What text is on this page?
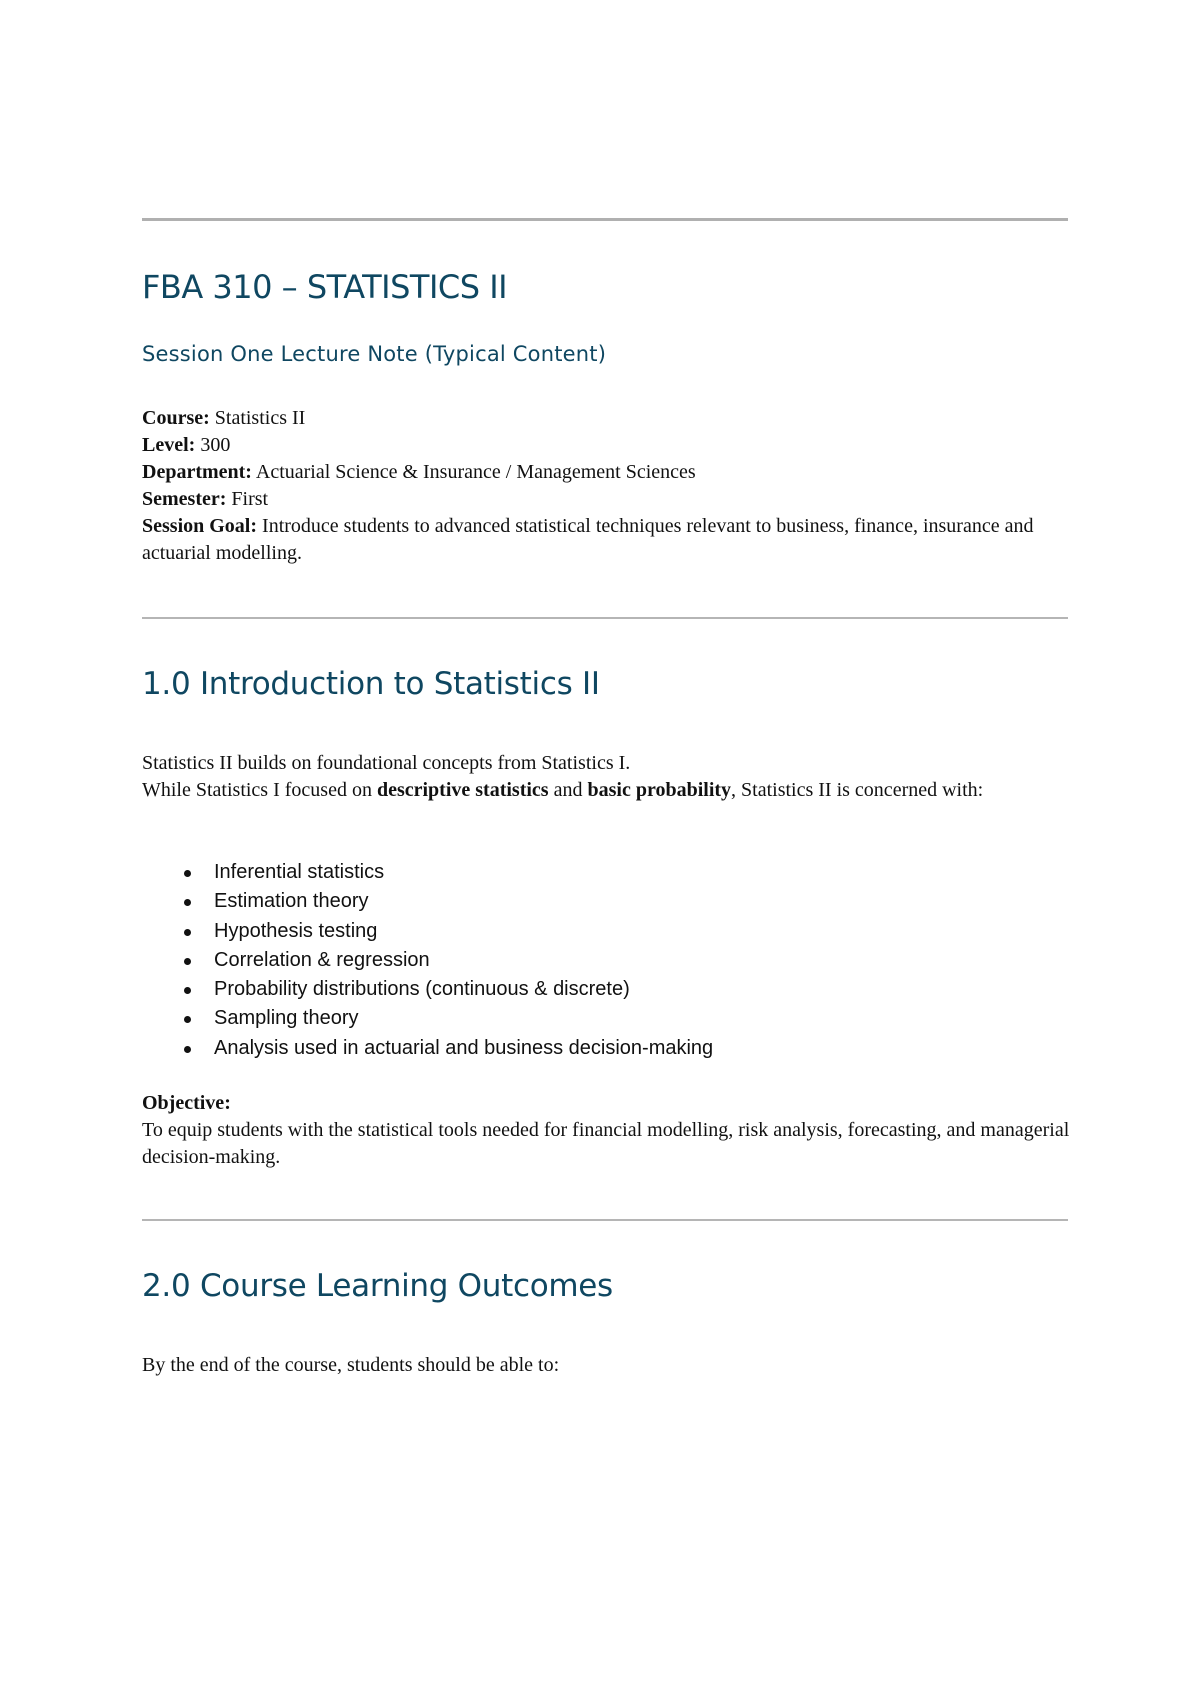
FBA 310 – STATISTICS II
Session One Lecture Note (Typical Content)
Course: Statistics II
Level: 300
Department: Actuarial Science & Insurance / Management Sciences
Semester: First
Session Goal: Introduce students to advanced statistical techniques relevant to business, finance, insurance and actuarial modelling.
1.0 Introduction to Statistics II
Statistics II builds on foundational concepts from Statistics I.
While Statistics I focused on descriptive statistics and basic probability, Statistics II is concerned with:
Inferential statistics
Estimation theory
Hypothesis testing
Correlation & regression
Probability distributions (continuous & discrete)
Sampling theory
Analysis used in actuarial and business decision-making
Objective:
To equip students with the statistical tools needed for financial modelling, risk analysis, forecasting, and managerial decision-making.
2.0 Course Learning Outcomes
By the end of the course, students should be able to:
